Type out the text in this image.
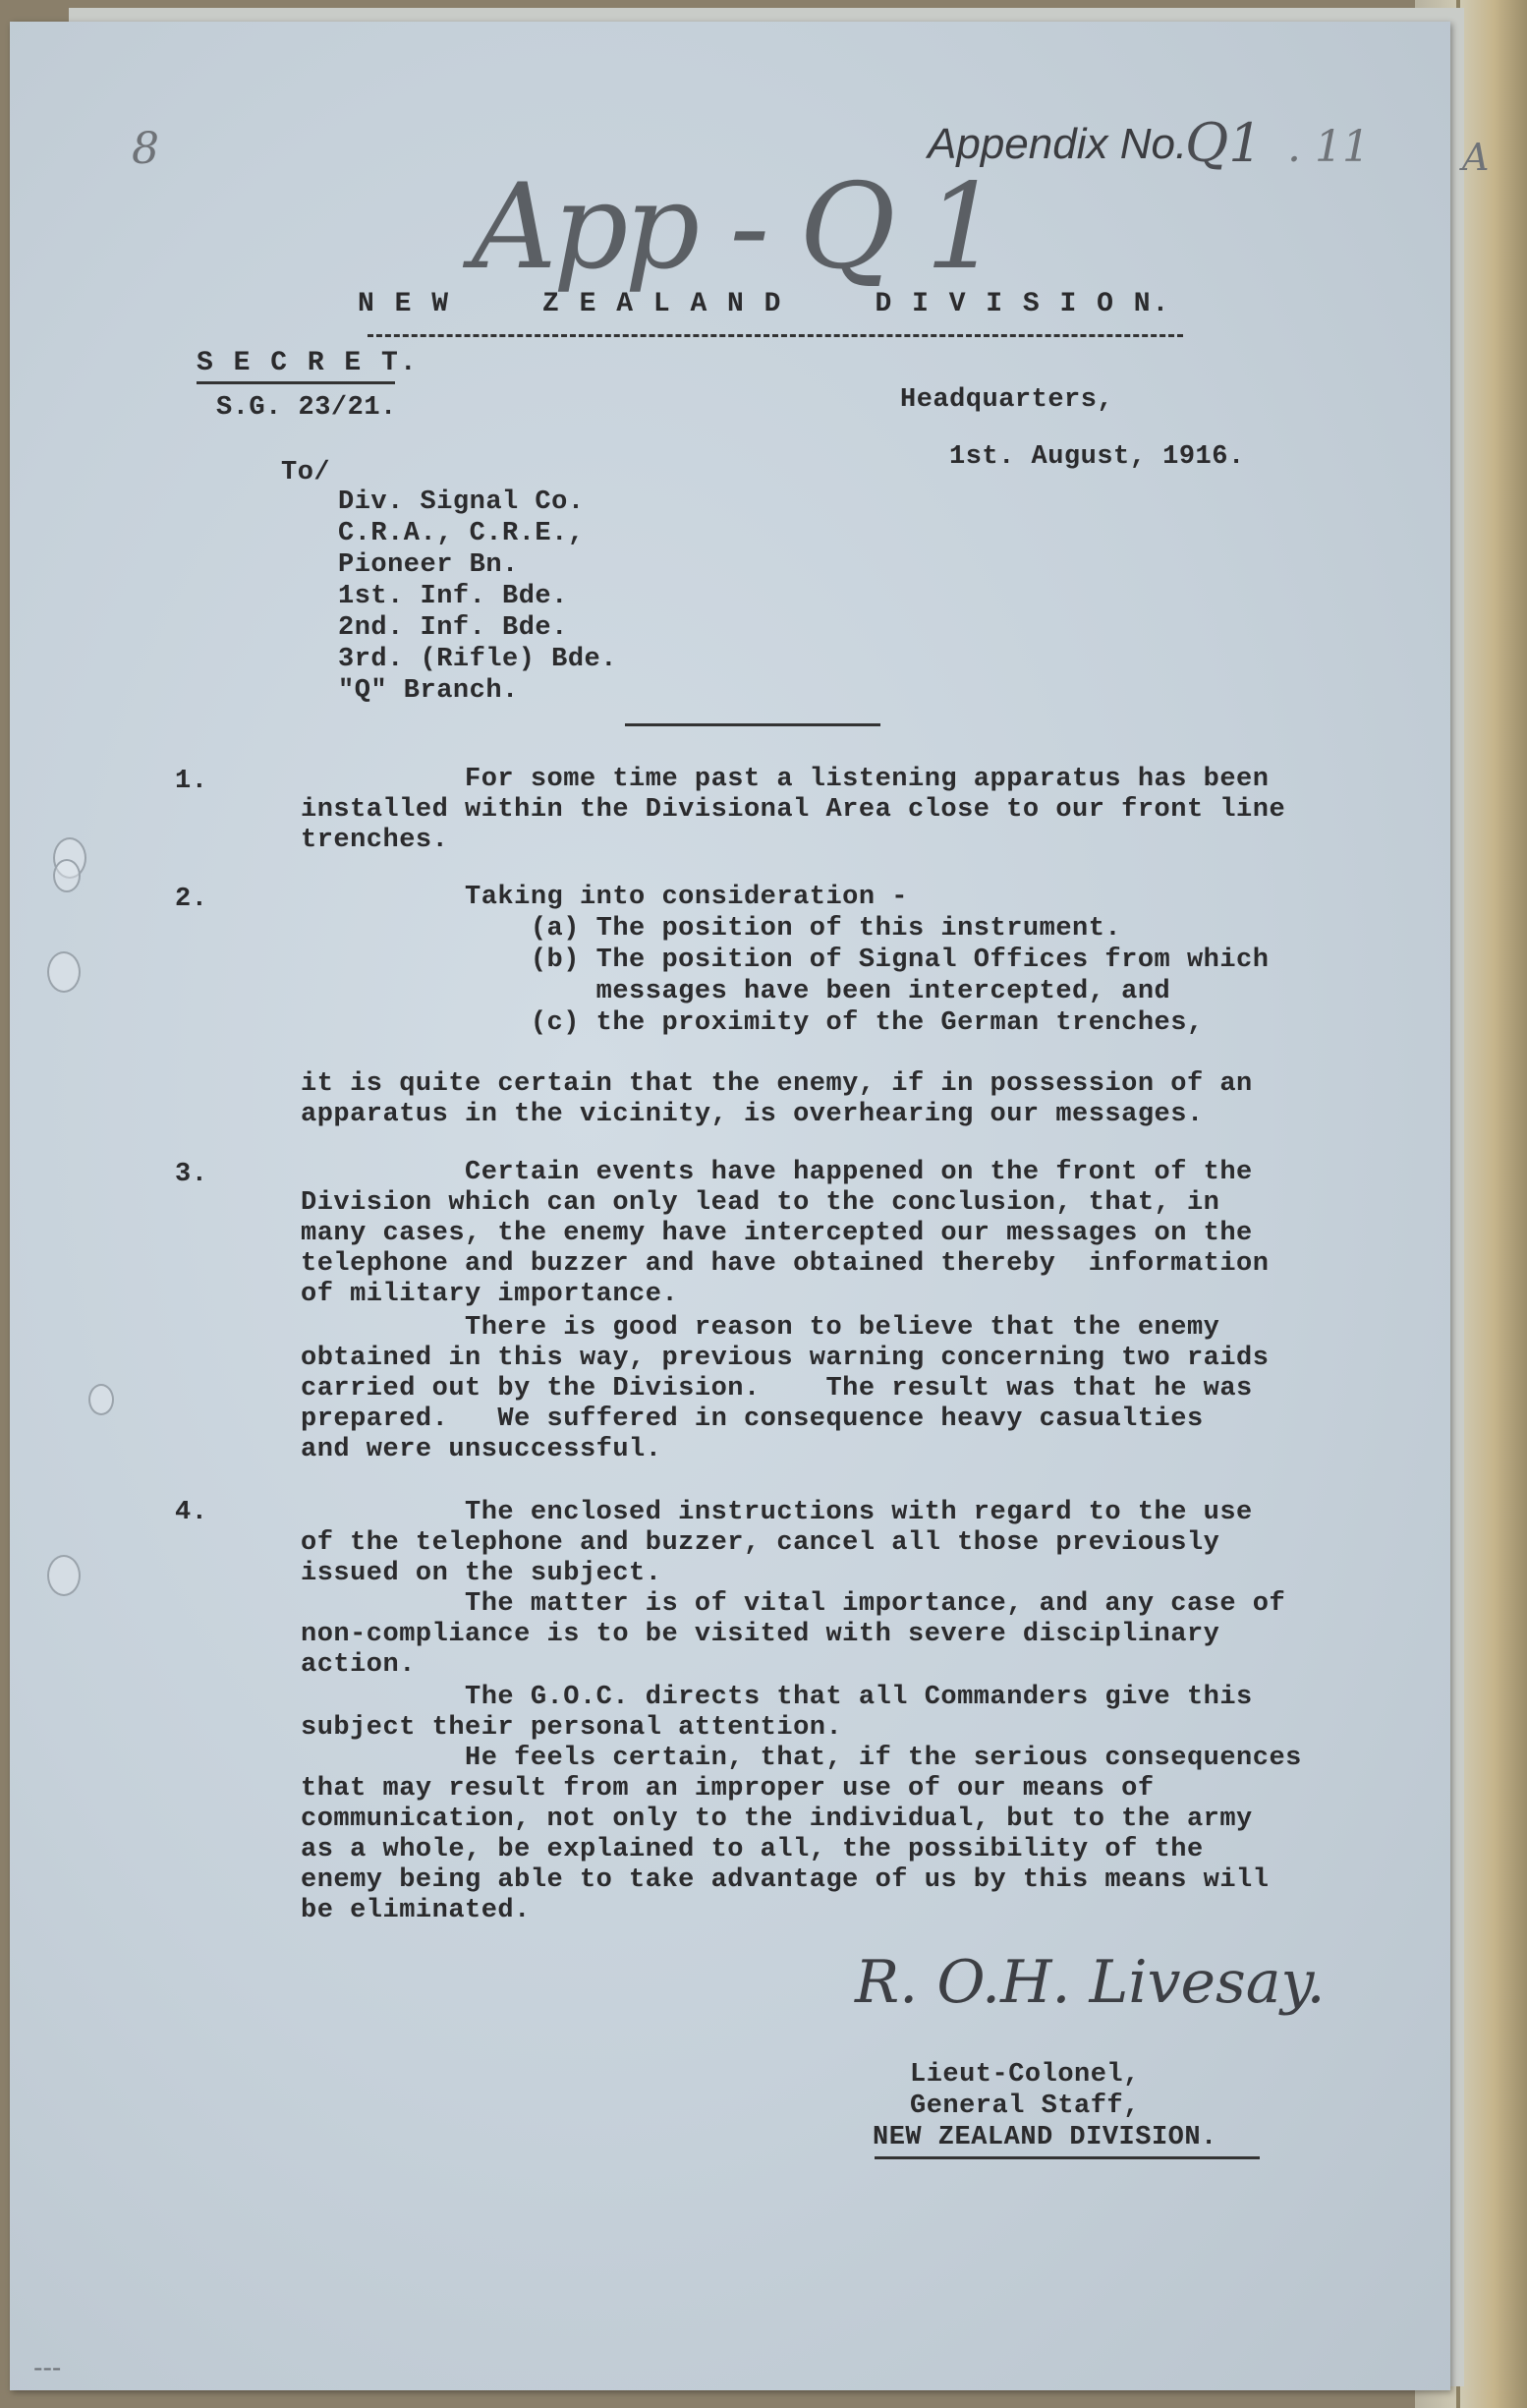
8	Appendix No.
Q1 . 11 A
App - Q 1
---
N E W     Z E A L A N D     D I V I S I O N.
S E C R E T.
S.G. 23/21.	Headquarters,
1st. August, 1916.
To/
Div. Signal Co.
C.R.A., C.R.E.,
Pioneer Bn.
1st. Inf. Bde.
2nd. Inf. Bde.
3rd. (Rifle) Bde.
"Q" Branch.
1.	For some time past a listening apparatus has been
installed within the Divisional Area close to our front line
trenches.
2.	Taking into consideration -
(a) The position of this instrument.
(b) The position of Signal Offices from which
messages have been intercepted, and
(c) the proximity of the German trenches,
it is quite certain that the enemy, if in possession of an
apparatus in the vicinity, is overhearing our messages.
3.	Certain events have happened on the front of the
Division which can only lead to the conclusion, that, in
many cases, the enemy have intercepted our messages on the
telephone and buzzer and have obtained thereby  information
of military importance.
There is good reason to believe that the enemy
obtained in this way, previous warning concerning two raids
carried out by the Division.    The result was that he was
prepared.   We suffered in consequence heavy casualties
and were unsuccessful.
4.	The enclosed instructions with regard to the use
of the telephone and buzzer, cancel all those previously
issued on the subject.
The matter is of vital importance, and any case of
non-compliance is to be visited with severe disciplinary
action.
The G.O.C. directs that all Commanders give this
subject their personal attention.
He feels certain, that, if the serious consequences
that may result from an improper use of our means of
communication, not only to the individual, but to the army
as a whole, be explained to all, the possibility of the
enemy being able to take advantage of us by this means will
be eliminated.
R. O.H. Livesay.
Lieut-Colonel,
General Staff,
NEW ZEALAND DIVISION.
